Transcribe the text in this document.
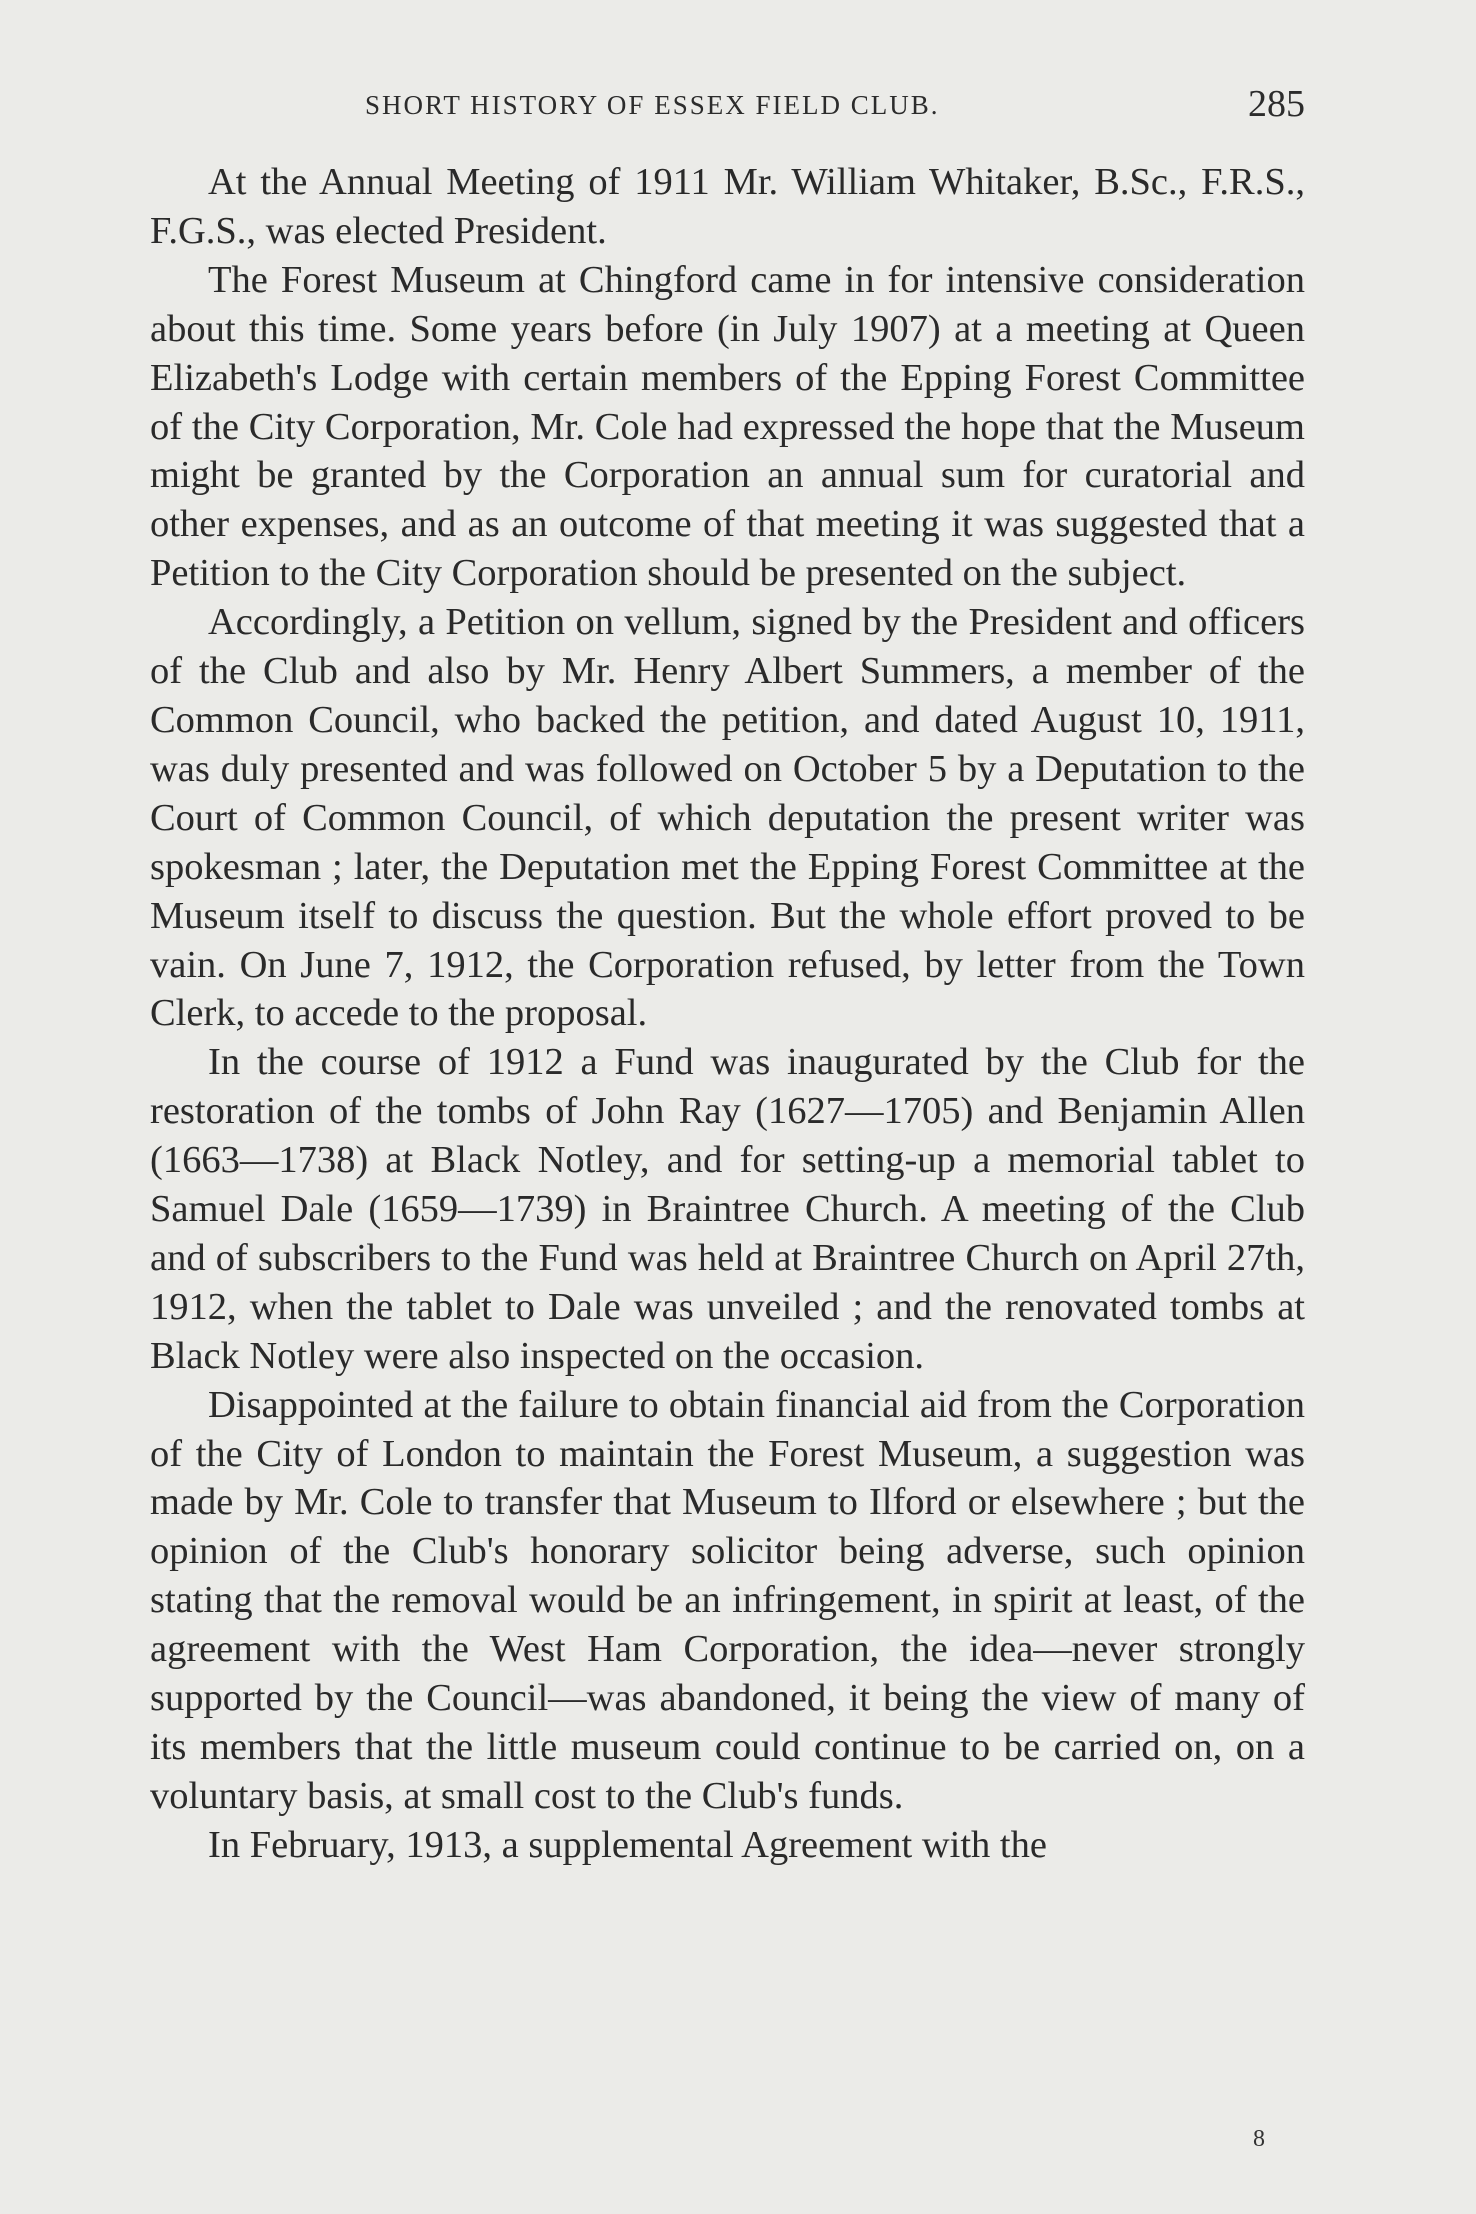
SHORT HISTORY OF ESSEX FIELD CLUB.	285

At the Annual Meeting of 1911 Mr. William Whitaker, B.Sc., F.R.S., F.G.S., was elected President.

The Forest Museum at Chingford came in for intensive consideration about this time. Some years before (in July 1907) at a meeting at Queen Elizabeth's Lodge with certain members of the Epping Forest Committee of the City Corporation, Mr. Cole had expressed the hope that the Museum might be granted by the Corporation an annual sum for curatorial and other expenses, and as an outcome of that meeting it was suggested that a Petition to the City Corporation should be presented on the subject.

Accordingly, a Petition on vellum, signed by the President and officers of the Club and also by Mr. Henry Albert Summers, a member of the Common Council, who backed the petition, and dated August 10, 1911, was duly presented and was followed on October 5 by a Deputation to the Court of Common Council, of which deputation the present writer was spokesman ; later, the Deputation met the Epping Forest Committee at the Museum itself to discuss the question. But the whole effort proved to be vain. On June 7, 1912, the Corporation refused, by letter from the Town Clerk, to accede to the proposal.

In the course of 1912 a Fund was inaugurated by the Club for the restoration of the tombs of John Ray (1627—1705) and Benjamin Allen (1663—1738) at Black Notley, and for setting-up a memorial tablet to Samuel Dale (1659—1739) in Braintree Church. A meeting of the Club and of subscribers to the Fund was held at Braintree Church on April 27th, 1912, when the tablet to Dale was unveiled ; and the renovated tombs at Black Notley were also inspected on the occasion.

Disappointed at the failure to obtain financial aid from the Corporation of the City of London to maintain the Forest Museum, a suggestion was made by Mr. Cole to transfer that Museum to Ilford or elsewhere ; but the opinion of the Club's honorary solicitor being adverse, such opinion stating that the removal would be an infringement, in spirit at least, of the agreement with the West Ham Corporation, the idea—never strongly supported by the Council—was abandoned, it being the view of many of its members that the little museum could continue to be carried on, on a voluntary basis, at small cost to the Club's funds.

In February, 1913, a supplemental Agreement with the

8
